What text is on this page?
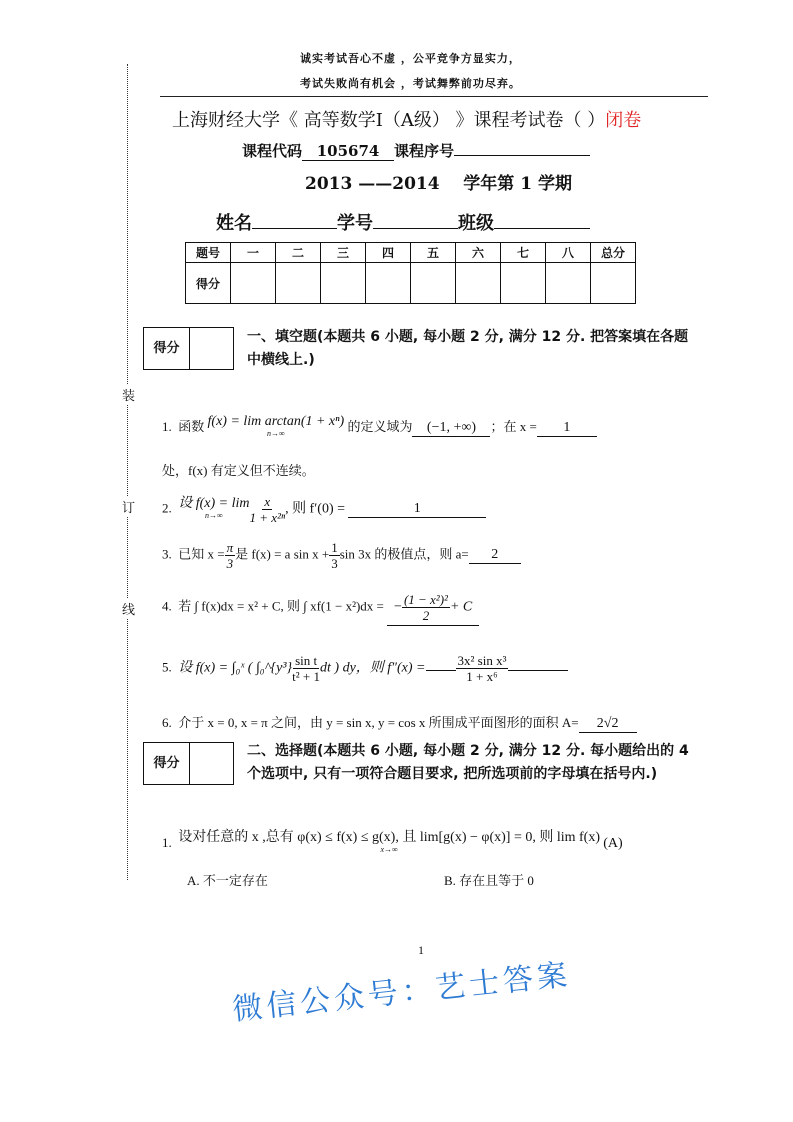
装
订
线
诚实考试吾心不虚 ，公平竞争方显实力，
考试失败尚有机会 ，考试舞弊前功尽弃。
上海财经大学《 高等数学I（A级） 》课程考试卷（ ）闭卷
课程代码 105674 课程序号
2013 ——2014 学年第 1 学期
姓名	学号	班级
题号	一	二	三	四	五	六	七	八	总分
得分									
得分
一、填空题(本题共 6 小题, 每小题 2 分, 满分 12 分. 把答案填在各题中横线上.)
1. 函数 f(x) = lim arctan(1 + xⁿ)
n→∞	的定义域为 (−1, +∞) ；在 x = 1
处，f(x) 有定义但不连续。
2. 设 f(x) = lim
$n\to\infty \frac{x}{\text{1 + x²ⁿ}}$ , 则 f′(0) =	1
3. 已知 $x = \frac{\pi}{3}$ 是 f(x) = a $\sin x + \frac{1}{3}$ sin 3x 的极值点，则 a= 2
4. 若 ∫ f(x)dx = x² + C, 则 ∫ xf(1 − x²)dx = − $\frac{\text{(1 − x²)²}}{2} + C$
5. 设 f(x) = ∫₀ˣ ( ∫₀^{y³} $\frac{\text{sin t}}{\text{t² + 1}}$ dt ) dy，则 $f''(x) = \frac{\text{3x² sin x³}}{\text{1 + x⁶}}$
6. 介于 x = 0, x = π 之间，由 y = sin x, y = cos x 所围成平面图形的面积 A= 2√2
得分
二、选择题(本题共 6 小题, 每小题 2 分, 满分 12 分. 每小题给出的 4 个选项中, 只有一项符合题目要求, 把所选项前的字母填在括号内.)
1. 设对任意的 x ,总有 φ(x) ≤ f(x) ≤ g(x), 且 lim[g(x) − φ(x)] = 0, 则 lim f(x)
x→∞	(A)
A. 不一定存在	B. 存在且等于 0
1
微信公众号：艺士答案
